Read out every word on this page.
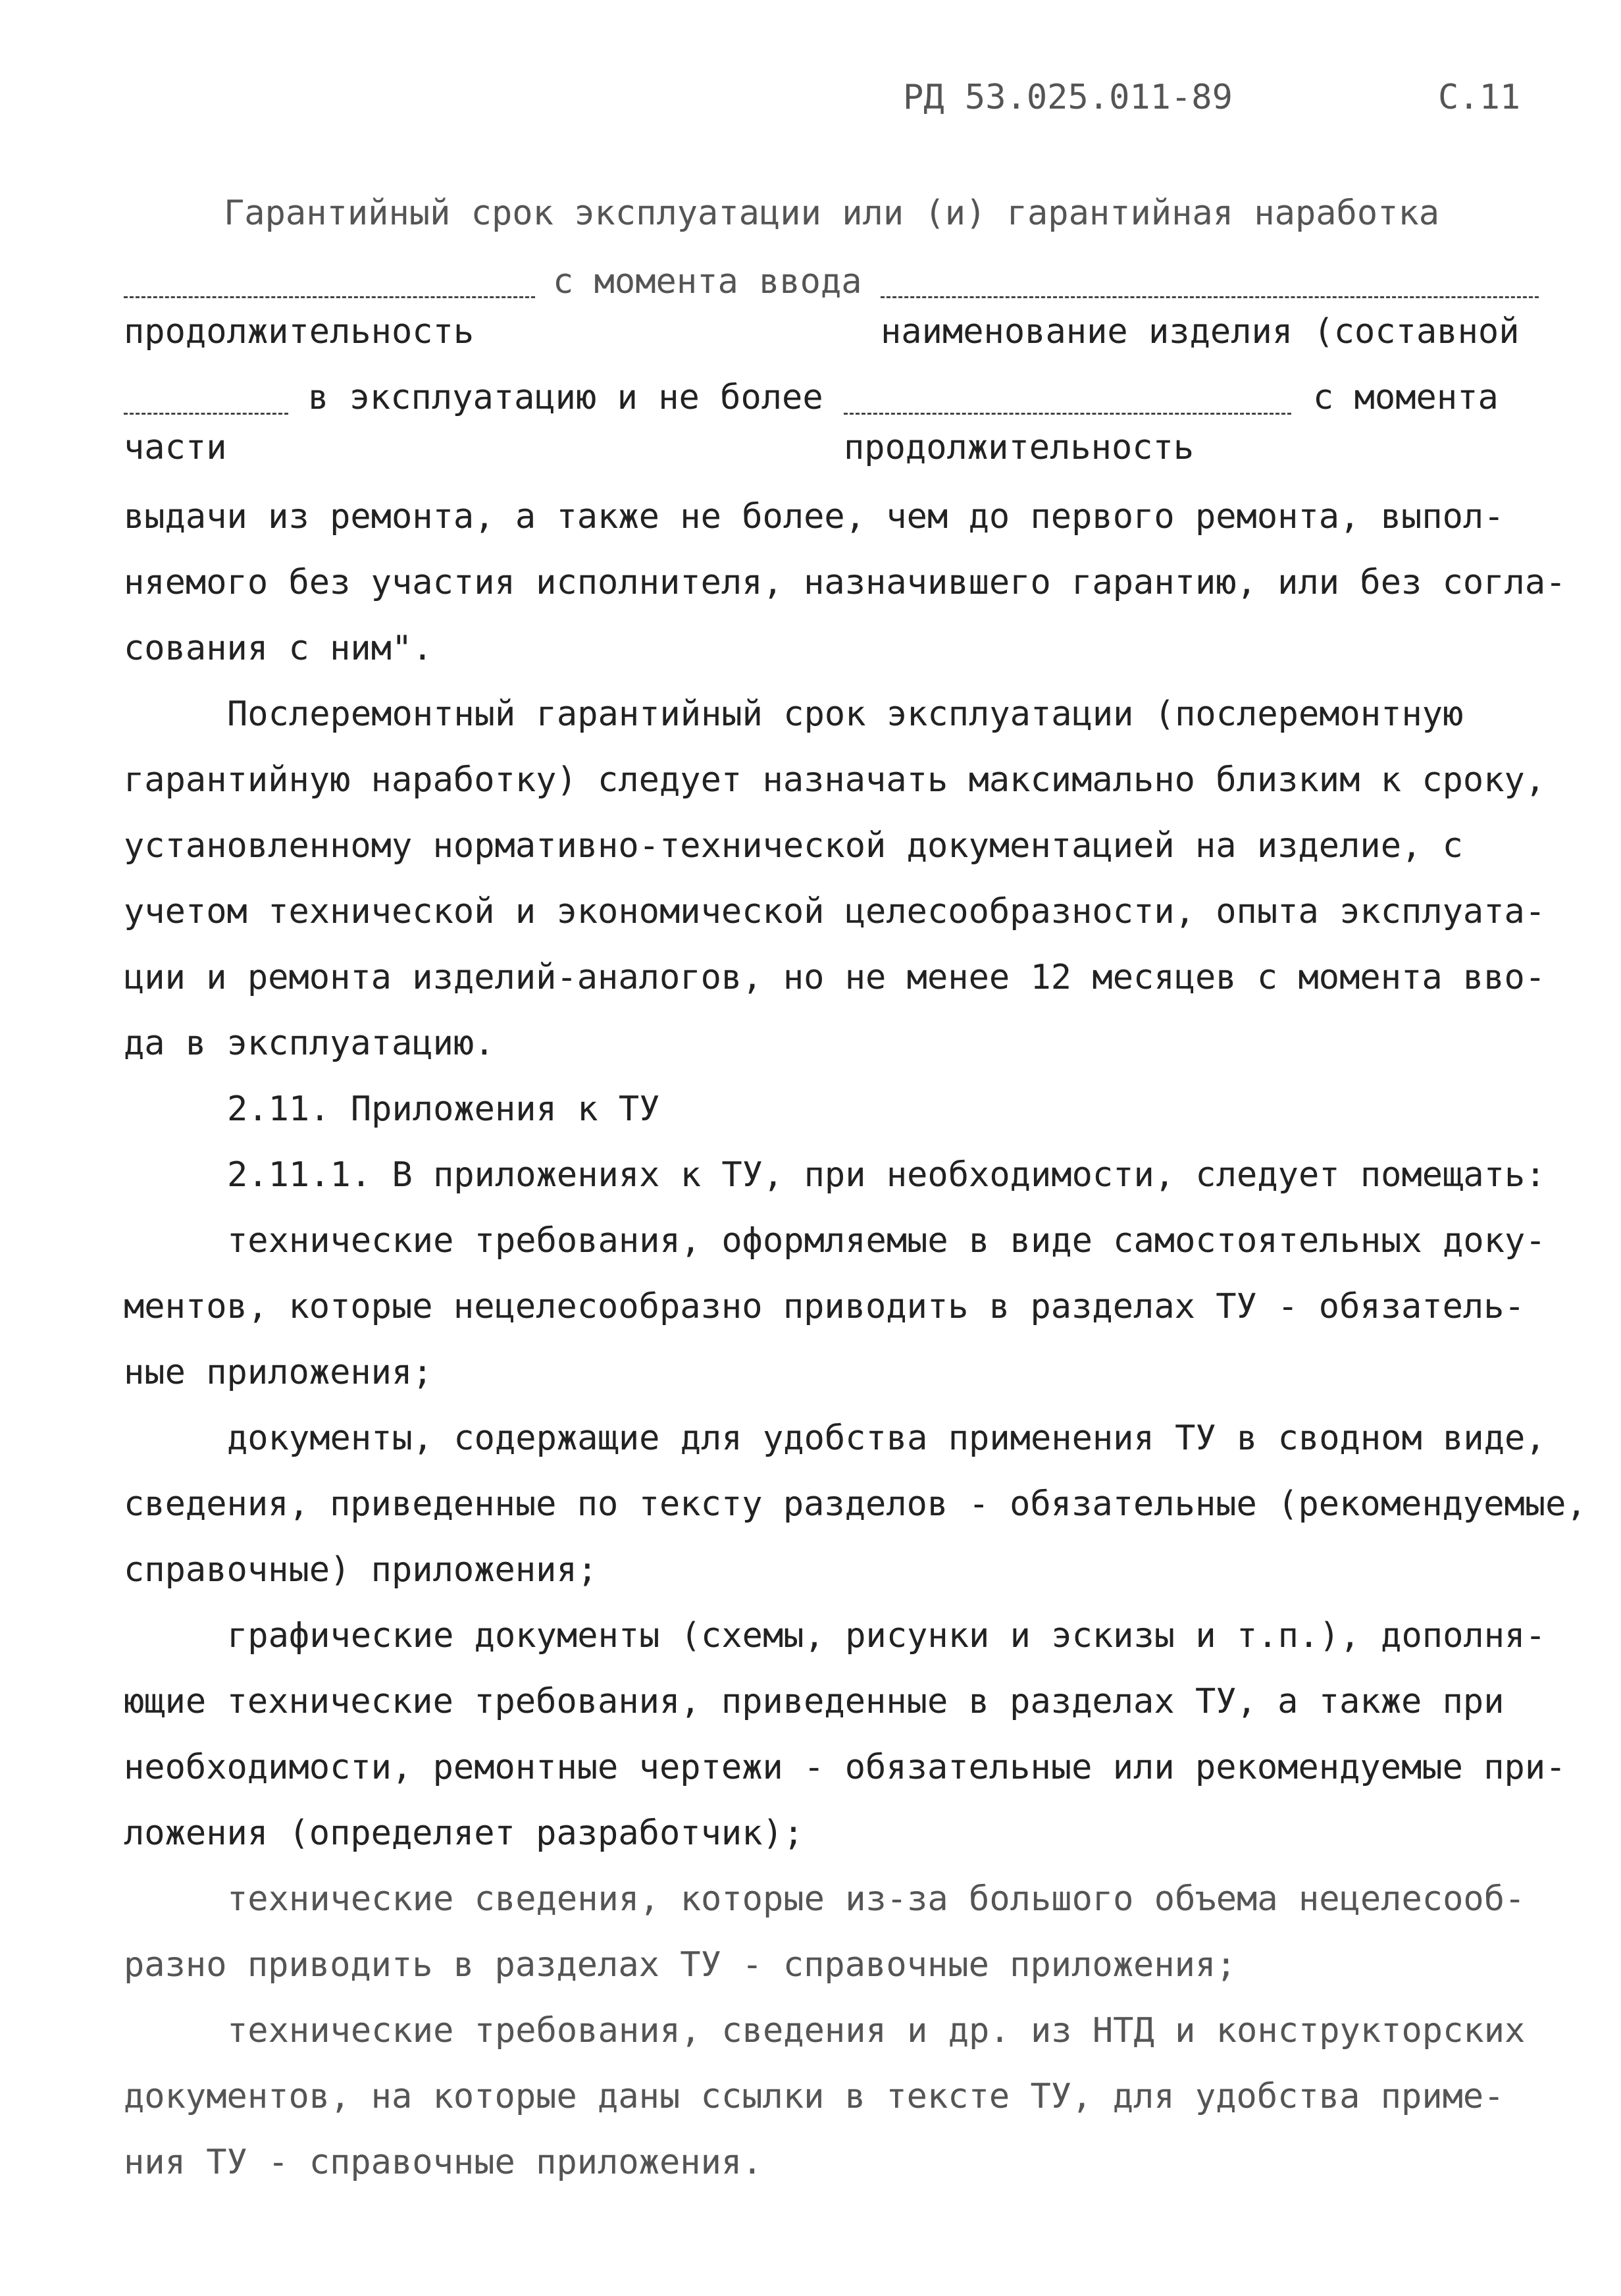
РД 53.025.011-89	С.11
Гарантийный срок эксплуатации или (и) гарантийная наработка
с момента ввода
продолжительность	наименование изделия (составной
в эксплуатацию и не более	с момента
части	продолжительность
выдачи из ремонта, а также не более, чем до первого ремонта, выпол-
няемого без участия исполнителя, назначившего гарантию, или без согла-
сования с ним".
Послеремонтный гарантийный срок эксплуатации (послеремонтную
гарантийную наработку) следует назначать максимально близким к сроку,
установленному нормативно-технической документацией на изделие, с
учетом технической и экономической целесообразности, опыта эксплуата-
ции и ремонта изделий-аналогов, но не менее 12 месяцев с момента вво-
да в эксплуатацию.
2.11. Приложения к ТУ
2.11.1. В приложениях к ТУ, при необходимости, следует помещать:
технические требования, оформляемые в виде самостоятельных доку-
ментов, которые нецелесообразно приводить в разделах ТУ - обязатель-
ные приложения;
документы, содержащие для удобства применения ТУ в сводном виде,
сведения, приведенные по тексту разделов - обязательные (рекомендуемые,
справочные) приложения;
графические документы (схемы, рисунки и эскизы и т.п.), дополня-
ющие технические требования, приведенные в разделах ТУ, а также при
необходимости, ремонтные чертежи - обязательные или рекомендуемые при-
ложения (определяет разработчик);
технические сведения, которые из-за большого объема нецелесооб-
разно приводить в разделах ТУ - справочные приложения;
технические требования, сведения и др. из НТД и конструкторских
документов, на которые даны ссылки в тексте ТУ, для удобства приме-
ния ТУ - справочные приложения.
